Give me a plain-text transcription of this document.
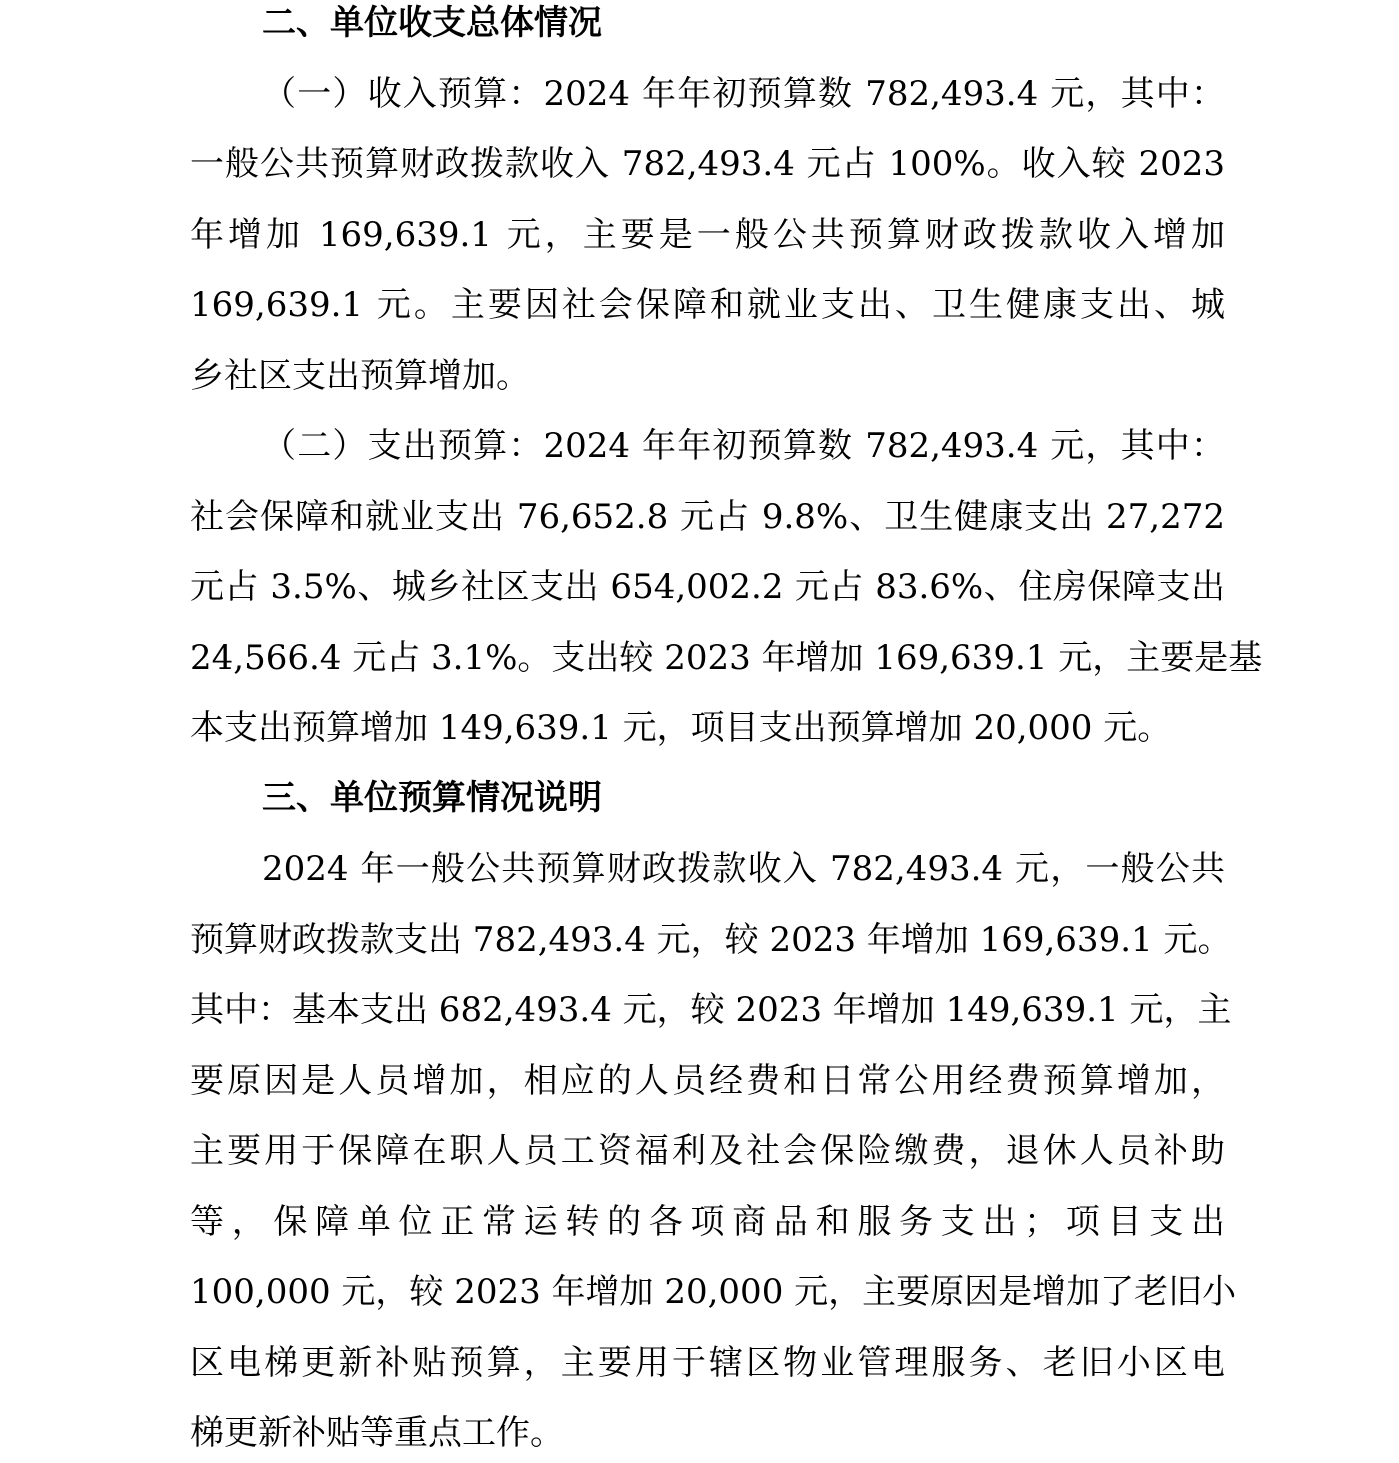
二、单位收支总体情况
（一）收入预算：2024 年年初预算数 782,493.4 元，其中：
一般公共预算财政拨款收入 782,493.4 元占 100%。收入较 2023
年增加 169,639.1 元，主要是一般公共预算财政拨款收入增加
169,639.1 元。主要因社会保障和就业支出、卫生健康支出、城
乡社区支出预算增加。
（二）支出预算：2024 年年初预算数 782,493.4 元，其中：
社会保障和就业支出 76,652.8 元占 9.8%、卫生健康支出 27,272
元占 3.5%、城乡社区支出 654,002.2 元占 83.6%、住房保障支出
24,566.4 元占 3.1%。支出较 2023 年增加 169,639.1 元，主要是基
本支出预算增加 149,639.1 元，项目支出预算增加 20,000 元。
三、单位预算情况说明
2024 年一般公共预算财政拨款收入 782,493.4 元，一般公共
预算财政拨款支出 782,493.4 元，较 2023 年增加 169,639.1 元。
其中：基本支出 682,493.4 元，较 2023 年增加 149,639.1 元，主
要原因是人员增加，相应的人员经费和日常公用经费预算增加，
主要用于保障在职人员工资福利及社会保险缴费，退休人员补助
等，保障单位正常运转的各项商品和服务支出；项目支出
100,000 元，较 2023 年增加 20,000 元，主要原因是增加了老旧小
区电梯更新补贴预算，主要用于辖区物业管理服务、老旧小区电
梯更新补贴等重点工作。
